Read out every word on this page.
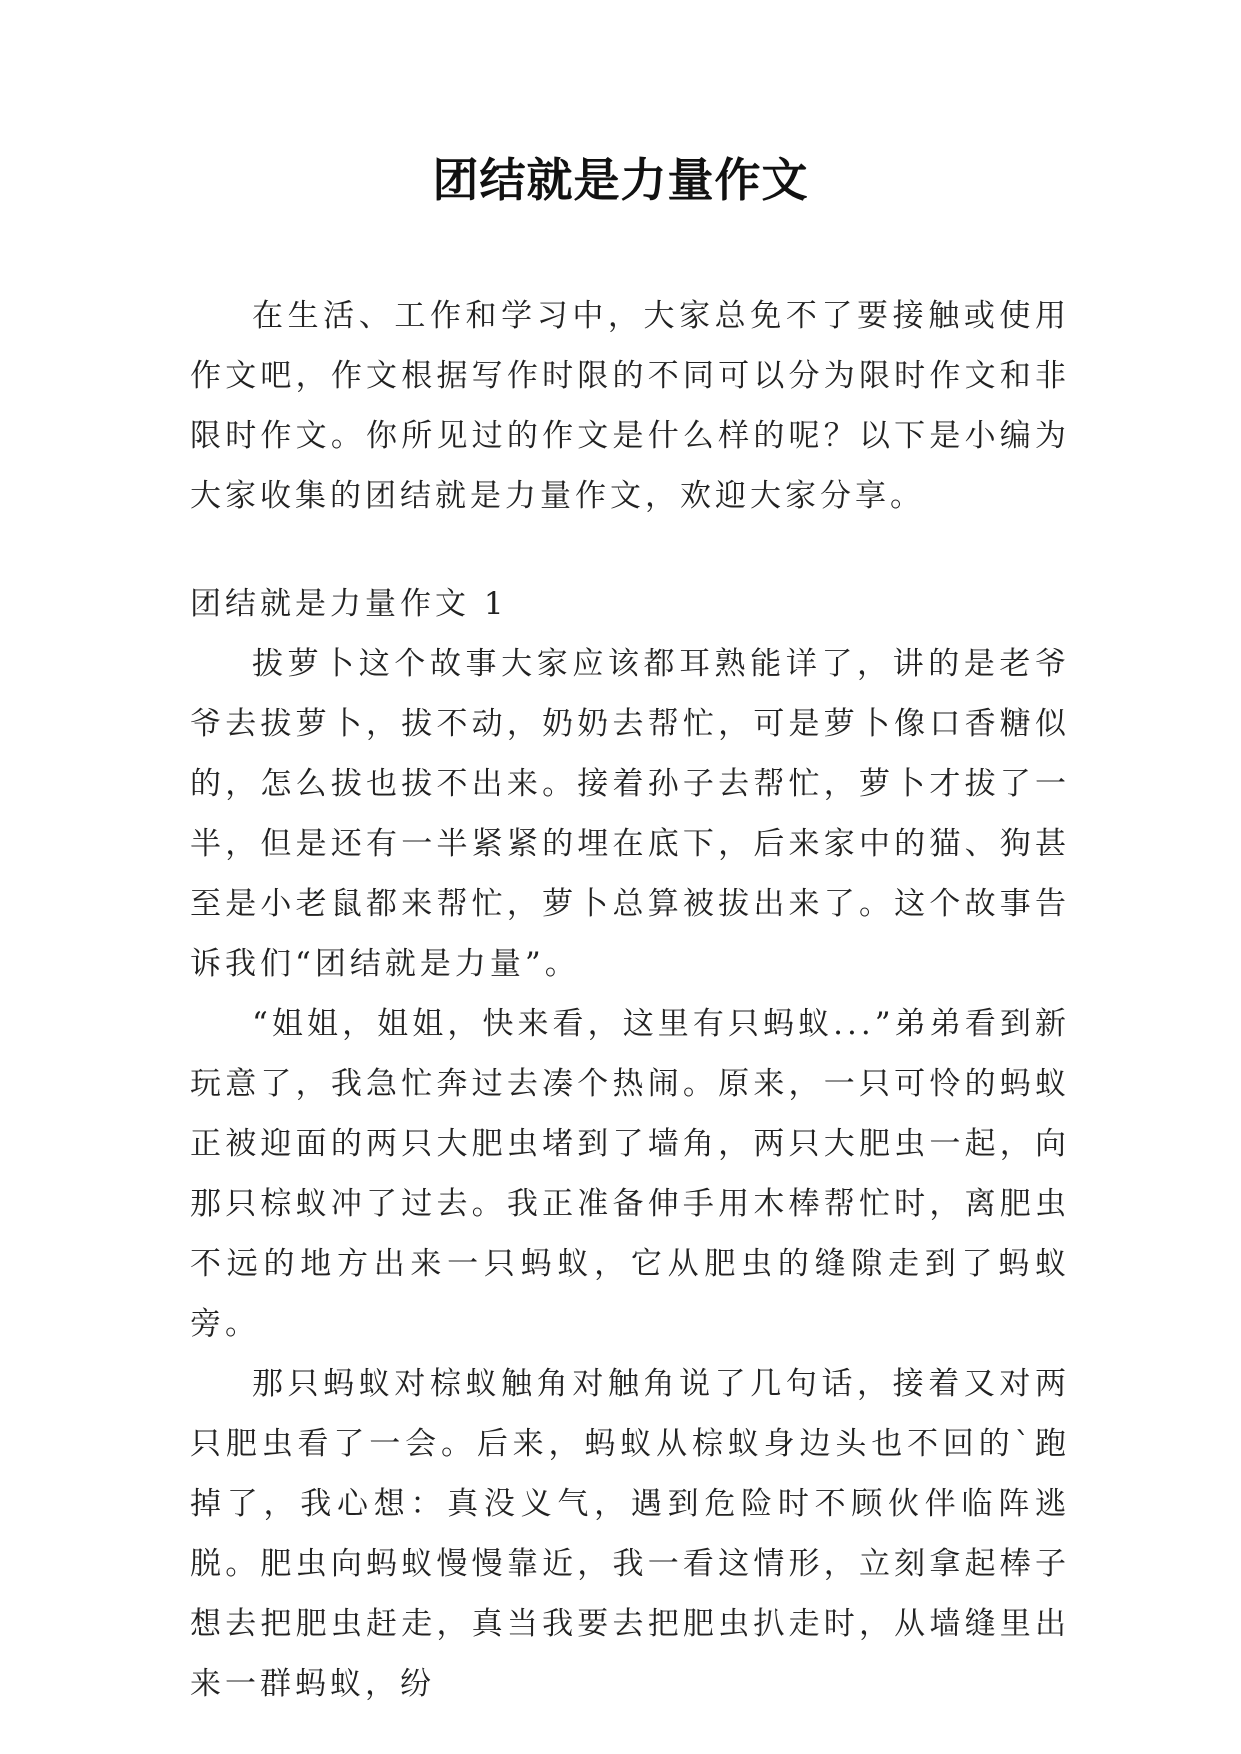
团结就是力量作文

在生活、工作和学习中，大家总免不了要接触或使用作文吧，作文根据写作时限的不同可以分为限时作文和非限时作文。你所见过的作文是什么样的呢？以下是小编为大家收集的团结就是力量作文，欢迎大家分享。

团结就是力量作文 1

拔萝卜这个故事大家应该都耳熟能详了，讲的是老爷爷去拔萝卜，拔不动，奶奶去帮忙，可是萝卜像口香糖似的，怎么拔也拔不出来。接着孙子去帮忙，萝卜才拔了一半，但是还有一半紧紧的埋在底下，后来家中的猫、狗甚至是小老鼠都来帮忙，萝卜总算被拔出来了。这个故事告诉我们“团结就是力量”。

“姐姐，姐姐，快来看，这里有只蚂蚁...”弟弟看到新玩意了，我急忙奔过去凑个热闹。原来，一只可怜的蚂蚁正被迎面的两只大肥虫堵到了墙角，两只大肥虫一起，向那只棕蚁冲了过去。我正准备伸手用木棒帮忙时，离肥虫不远的地方出来一只蚂蚁，它从肥虫的缝隙走到了蚂蚁旁。

那只蚂蚁对棕蚁触角对触角说了几句话，接着又对两只肥虫看了一会。后来，蚂蚁从棕蚁身边头也不回的`跑掉了，我心想：真没义气，遇到危险时不顾伙伴临阵逃脱。肥虫向蚂蚁慢慢靠近，我一看这情形，立刻拿起棒子想去把肥虫赶走，真当我要去把肥虫扒走时，从墙缝里出来一群蚂蚁，纷
